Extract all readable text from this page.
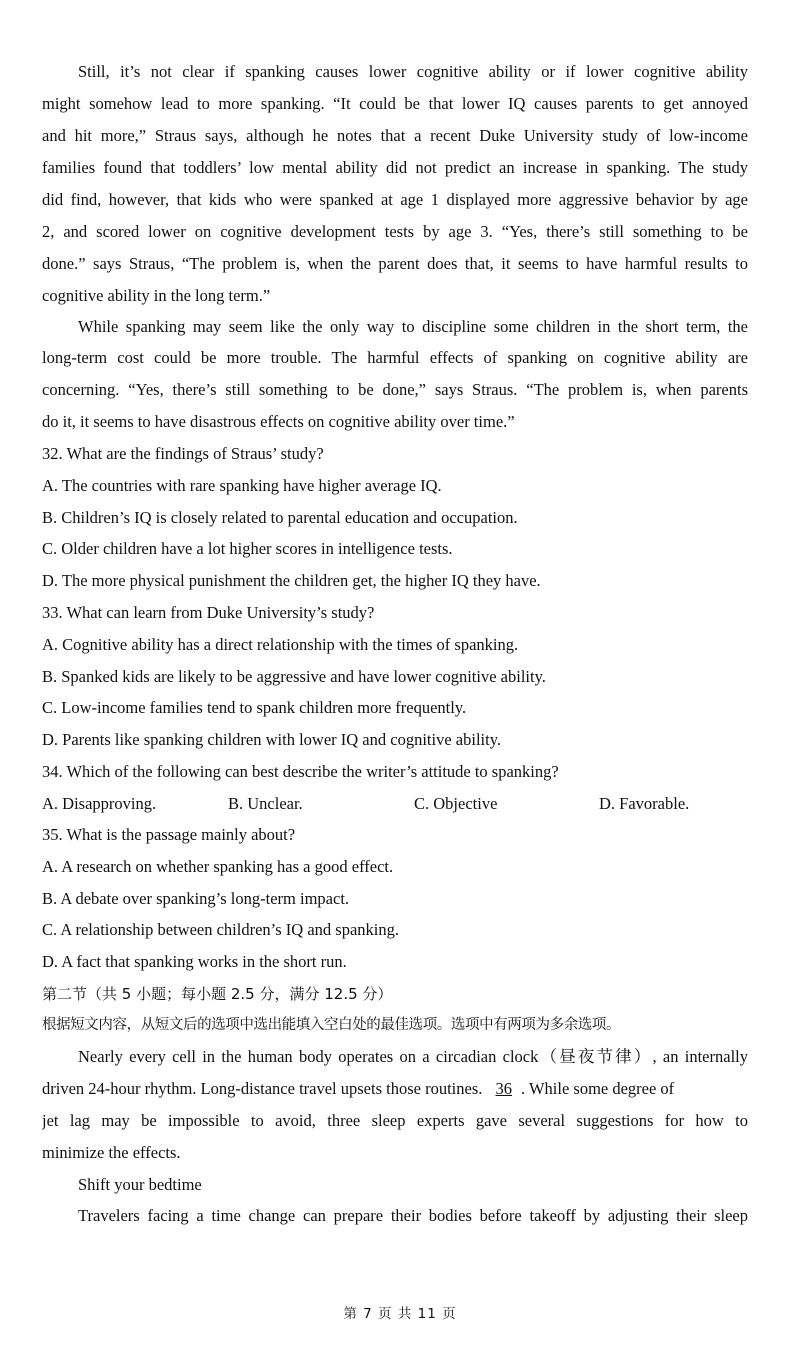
Still, it’s not clear if spanking causes lower cognitive ability or if lower cognitive ability
might somehow lead to more spanking. “It could be that lower IQ causes parents to get annoyed
and hit more,” Straus says, although he notes that a recent Duke University study of low-income
families found that toddlers’ low mental ability did not predict an increase in spanking. The study
did find, however, that kids who were spanked at age 1 displayed more aggressive behavior by age
2, and scored lower on cognitive development tests by age 3. “Yes, there’s still something to be
done.” says Straus, “The problem is, when the parent does that, it seems to have harmful results to
cognitive ability in the long term.”
While spanking may seem like the only way to discipline some children in the short term, the
long-term cost could be more trouble. The harmful effects of spanking on cognitive ability are
concerning. “Yes, there’s still something to be done,” says Straus. “The problem is, when parents
do it, it seems to have disastrous effects on cognitive ability over time.”
32. What are the findings of Straus’ study?
A. The countries with rare spanking have higher average IQ.
B. Children’s IQ is closely related to parental education and occupation.
C. Older children have a lot higher scores in intelligence tests.
D. The more physical punishment the children get, the higher IQ they have.
33. What can learn from Duke University’s study?
A. Cognitive ability has a direct relationship with the times of spanking.
B. Spanked kids are likely to be aggressive and have lower cognitive ability.
C. Low-income families tend to spank children more frequently.
D. Parents like spanking children with lower IQ and cognitive ability.
34. Which of the following can best describe the writer’s attitude to spanking?
A. Disapproving.	B. Unclear.	C. Objective	D. Favorable.
35. What is the passage mainly about?
A. A research on whether spanking has a good effect.
B. A debate over spanking’s long-term impact.
C. A relationship between children’s IQ and spanking.
D. A fact that spanking works in the short run.
第二节（共 5 小题；每小题 2.5 分，满分 12.5 分）
根据短文内容，从短文后的选项中选出能填入空白处的最佳选项。选项中有两项为多余选项。
Nearly every cell in the human body operates on a circadian clock（昼夜节律）, an internally
driven 24-hour rhythm. Long-distance travel upsets those routines. 36 . While some degree of
jet lag may be impossible to avoid, three sleep experts gave several suggestions for how to
minimize the effects.
Shift your bedtime
Travelers facing a time change can prepare their bodies before takeoff by adjusting their sleep
第 7 页 共 11 页
